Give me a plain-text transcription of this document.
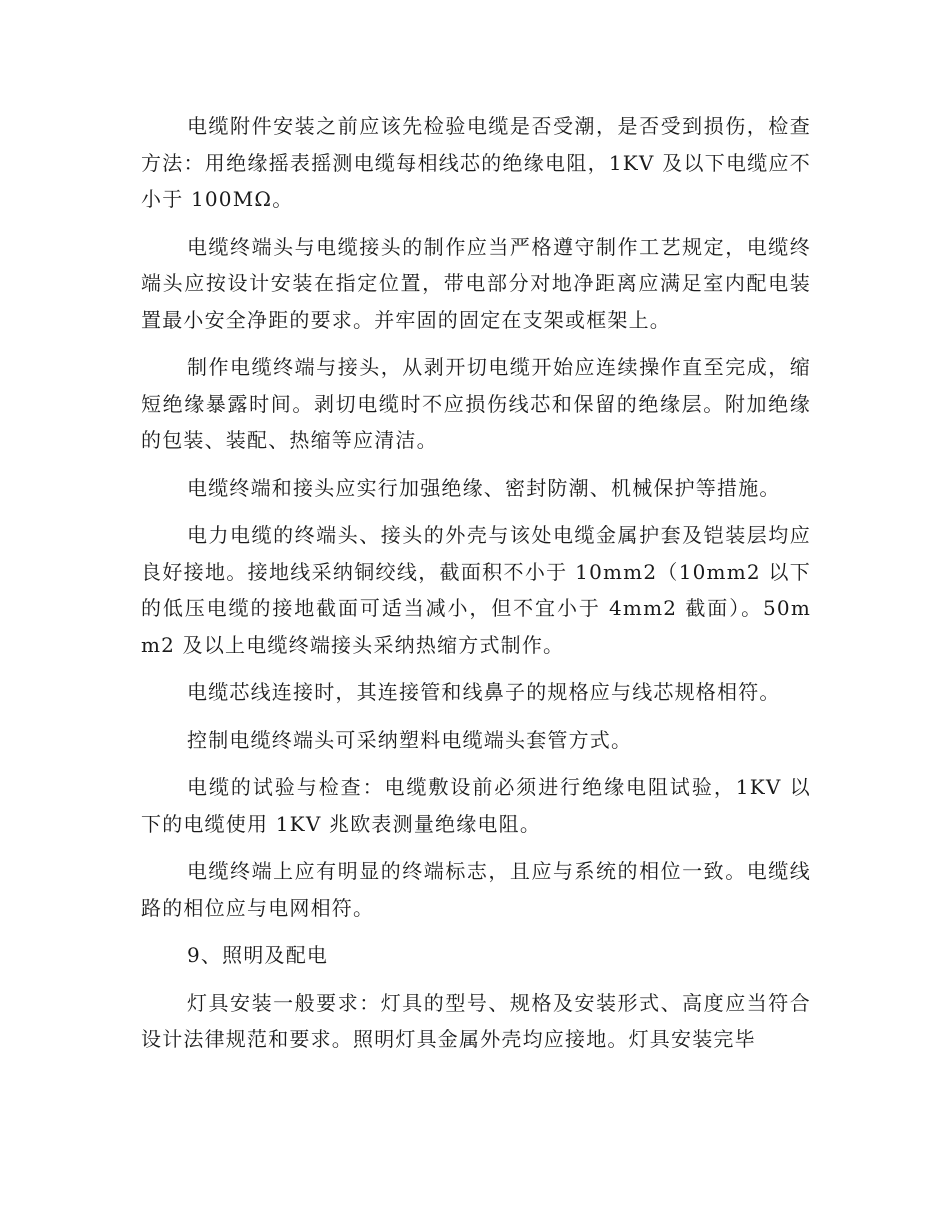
电缆附件安装之前应该先检验电缆是否受潮，是否受到损伤，检查方法：用绝缘摇表摇测电缆每相线芯的绝缘电阻，1KV 及以下电缆应不小于 100MΩ。

电缆终端头与电缆接头的制作应当严格遵守制作工艺规定，电缆终端头应按设计安装在指定位置，带电部分对地净距离应满足室内配电装置最小安全净距的要求。并牢固的固定在支架或框架上。

制作电缆终端与接头，从剥开切电缆开始应连续操作直至完成，缩短绝缘暴露时间。剥切电缆时不应损伤线芯和保留的绝缘层。附加绝缘的包装、装配、热缩等应清洁。

电缆终端和接头应实行加强绝缘、密封防潮、机械保护等措施。

电力电缆的终端头、接头的外壳与该处电缆金属护套及铠装层均应良好接地。接地线采纳铜绞线，截面积不小于 10mm2（10mm2 以下的低压电缆的接地截面可适当减小，但不宜小于 4mm2 截面）。50mm2 及以上电缆终端接头采纳热缩方式制作。

电缆芯线连接时，其连接管和线鼻子的规格应与线芯规格相符。

控制电缆终端头可采纳塑料电缆端头套管方式。

电缆的试验与检查：电缆敷设前必须进行绝缘电阻试验，1KV 以下的电缆使用 1KV 兆欧表测量绝缘电阻。

电缆终端上应有明显的终端标志，且应与系统的相位一致。电缆线路的相位应与电网相符。

9、照明及配电

灯具安装一般要求：灯具的型号、规格及安装形式、高度应当符合设计法律规范和要求。照明灯具金属外壳均应接地。灯具安装完毕
